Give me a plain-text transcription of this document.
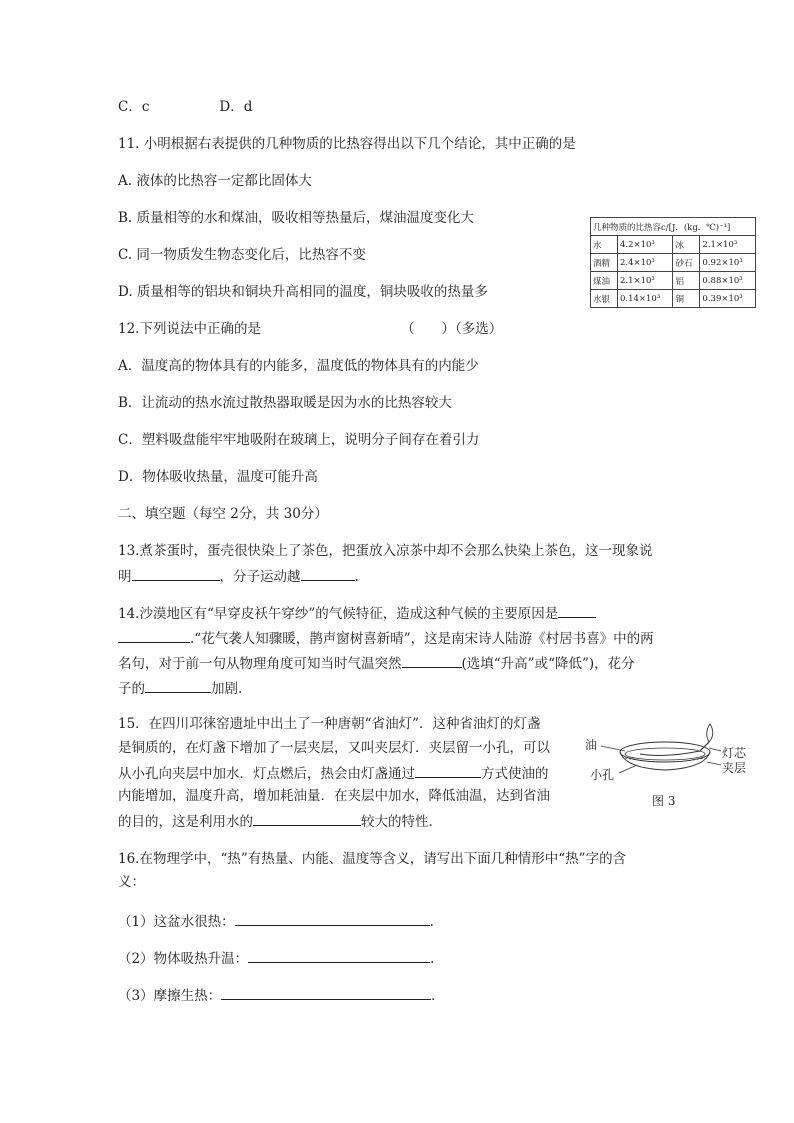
C．c	D．d
11. 小明根据右表提供的几种物质的比热容得出以下几个结论，其中正确的是
A. 液体的比热容一定都比固体大
B. 质量相等的水和煤油，吸收相等热量后，煤油温度变化大
C. 同一物质发生物态变化后，比热容不变
D. 质量相等的铝块和铜块升高相同的温度，铜块吸收的热量多
几种物质的比热容c/[J．(kg．℃)⁻¹]			
水	4.2×10³	冰	2.1×10³
酒精	2.4×10³	砂石	0.92×10³
煤油	2.1×10³	铝	0.88×10³
水银	0.14×10³	铜	0.39×10³
12.下列说法中正确的是	（　　）（多选）
A．温度高的物体具有的内能多，温度低的物体具有的内能少
B．让流动的热水流过散热器取暖是因为水的比热容较大
C．塑料吸盘能牢牢地吸附在玻璃上，说明分子间存在着引力
D．物体吸收热量，温度可能升高
二、填空题（每空 2分，共 30分）
13.煮茶蛋时，蛋壳很快染上了茶色，把蛋放入凉茶中却不会那么快染上茶色，这一现象说
明	，分子运动越	.
14.沙漠地区有“早穿皮袄午穿纱”的气候特征，造成这种气候的主要原因是
.“花气袭人知骤暖，鹊声窗树喜新晴”，这是南宋诗人陆游《村居书喜》中的两
名句，对于前一句从物理角度可知当时气温突然	(选填“升高”或“降低”)，花分
子的	加剧.
15．在四川邛徕窑遗址中出土了一种唐朝“省油灯”．这种省油灯的灯盏
是铜质的，在灯盏下增加了一层夹层，又叫夹层灯．夹层留一小孔，可以
从小孔向夹层中加水．灯点燃后，热会由灯盏通过	方式使油的
内能增加，温度升高，增加耗油量．在夹层中加水，降低油温，达到省油
的目的，这是利用水的	较大的特性．
油
灯芯
夹层
小孔
图 3
16.在物理学中，“热”有热量、内能、温度等含义，请写出下面几种情形中“热”字的含
义：
（1）这盆水很热：	.
（2）物体吸热升温：	.
（3）摩擦生热：	.
